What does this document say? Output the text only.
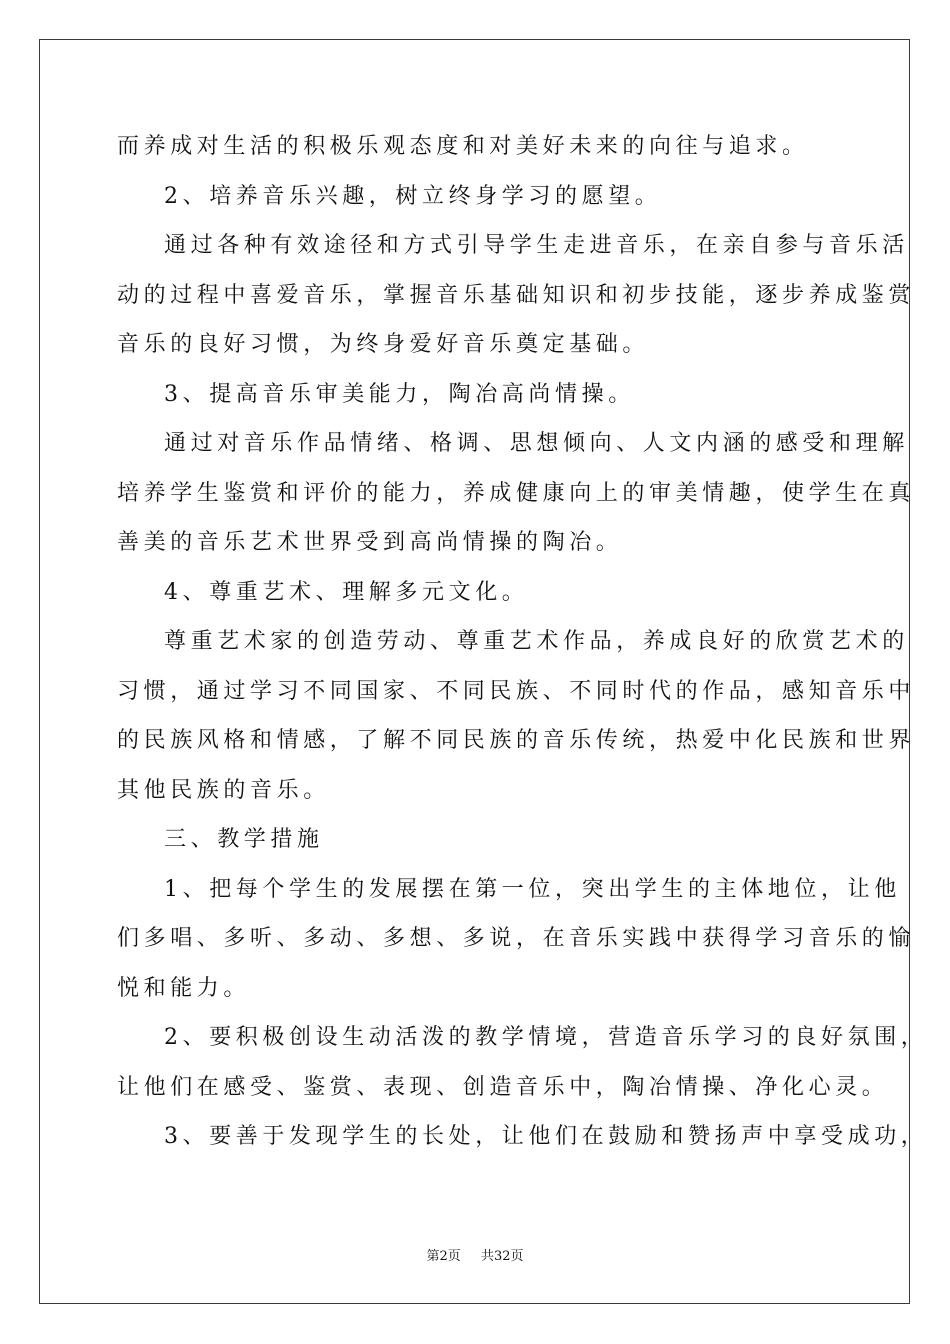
而养成对生活的积极乐观态度和对美好未来的向往与追求。
2、培养音乐兴趣，树立终身学习的愿望。
通过各种有效途径和方式引导学生走进音乐，在亲自参与音乐活
动的过程中喜爱音乐，掌握音乐基础知识和初步技能，逐步养成鉴赏
音乐的良好习惯，为终身爱好音乐奠定基础。
3、提高音乐审美能力，陶冶高尚情操。
通过对音乐作品情绪、格调、思想倾向、人文内涵的感受和理解
培养学生鉴赏和评价的能力，养成健康向上的审美情趣，使学生在真
善美的音乐艺术世界受到高尚情操的陶冶。
4、尊重艺术、理解多元文化。
尊重艺术家的创造劳动、尊重艺术作品，养成良好的欣赏艺术的
习惯，通过学习不同国家、不同民族、不同时代的作品，感知音乐中
的民族风格和情感，了解不同民族的音乐传统，热爱中化民族和世界
其他民族的音乐。
三、教学措施
1、把每个学生的发展摆在第一位，突出学生的主体地位，让他
们多唱、多听、多动、多想、多说，在音乐实践中获得学习音乐的愉
悦和能力。
2、要积极创设生动活泼的教学情境，营造音乐学习的良好氛围，
让他们在感受、鉴赏、表现、创造音乐中，陶冶情操、净化心灵。
3、要善于发现学生的长处，让他们在鼓励和赞扬声中享受成功，
第2页 共32页
